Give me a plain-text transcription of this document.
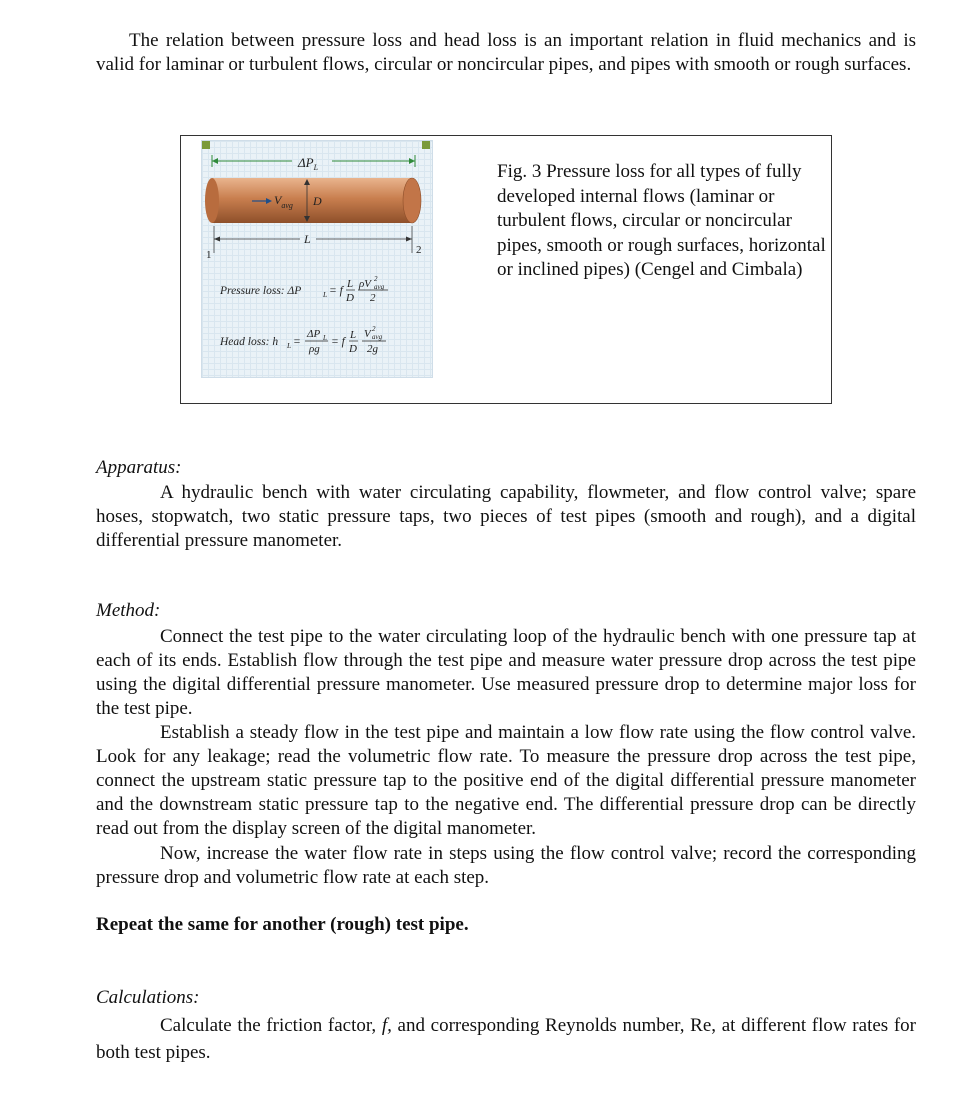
The relation between pressure loss and head loss is an important relation in fluid mechanics and is valid for laminar or turbulent flows, circular or noncircular pipes, and pipes with smooth or rough surfaces.
$\Delta P_L$
$V_{avg}$ D
L
1	2
Pressure loss: ΔP	L = f
L
D
ρV 2
avg
2
Head loss: h L =
ΔP L
ρg
= f
L
D
V 2
avg
2g
Fig. 3 Pressure loss for all types of fully developed internal flows (laminar or turbulent flows, circular or noncircular pipes, smooth or rough surfaces, horizontal or inclined pipes) (Cengel and Cimbala)
Apparatus:
A hydraulic bench with water circulating capability, flowmeter, and flow control valve; spare hoses, stopwatch, two static pressure taps, two pieces of test pipes (smooth and rough), and a digital differential pressure manometer.
Method:
Connect the test pipe to the water circulating loop of the hydraulic bench with one pressure tap at each of its ends. Establish flow through the test pipe and measure water pressure drop across the test pipe using the digital differential pressure manometer. Use measured pressure drop to determine major loss for the test pipe.
Establish a steady flow in the test pipe and maintain a low flow rate using the flow control valve. Look for any leakage; read the volumetric flow rate. To measure the pressure drop across the test pipe, connect the upstream static pressure tap to the positive end of the digital differential pressure manometer and the downstream static pressure tap to the negative end. The differential pressure drop can be directly read out from the display screen of the digital manometer.
Now, increase the water flow rate in steps using the flow control valve; record the corresponding pressure drop and volumetric flow rate at each step.
Repeat the same for another (rough) test pipe.
Calculations:
Calculate the friction factor, f, and corresponding Reynolds number, Re, at different flow rates for both test pipes.
